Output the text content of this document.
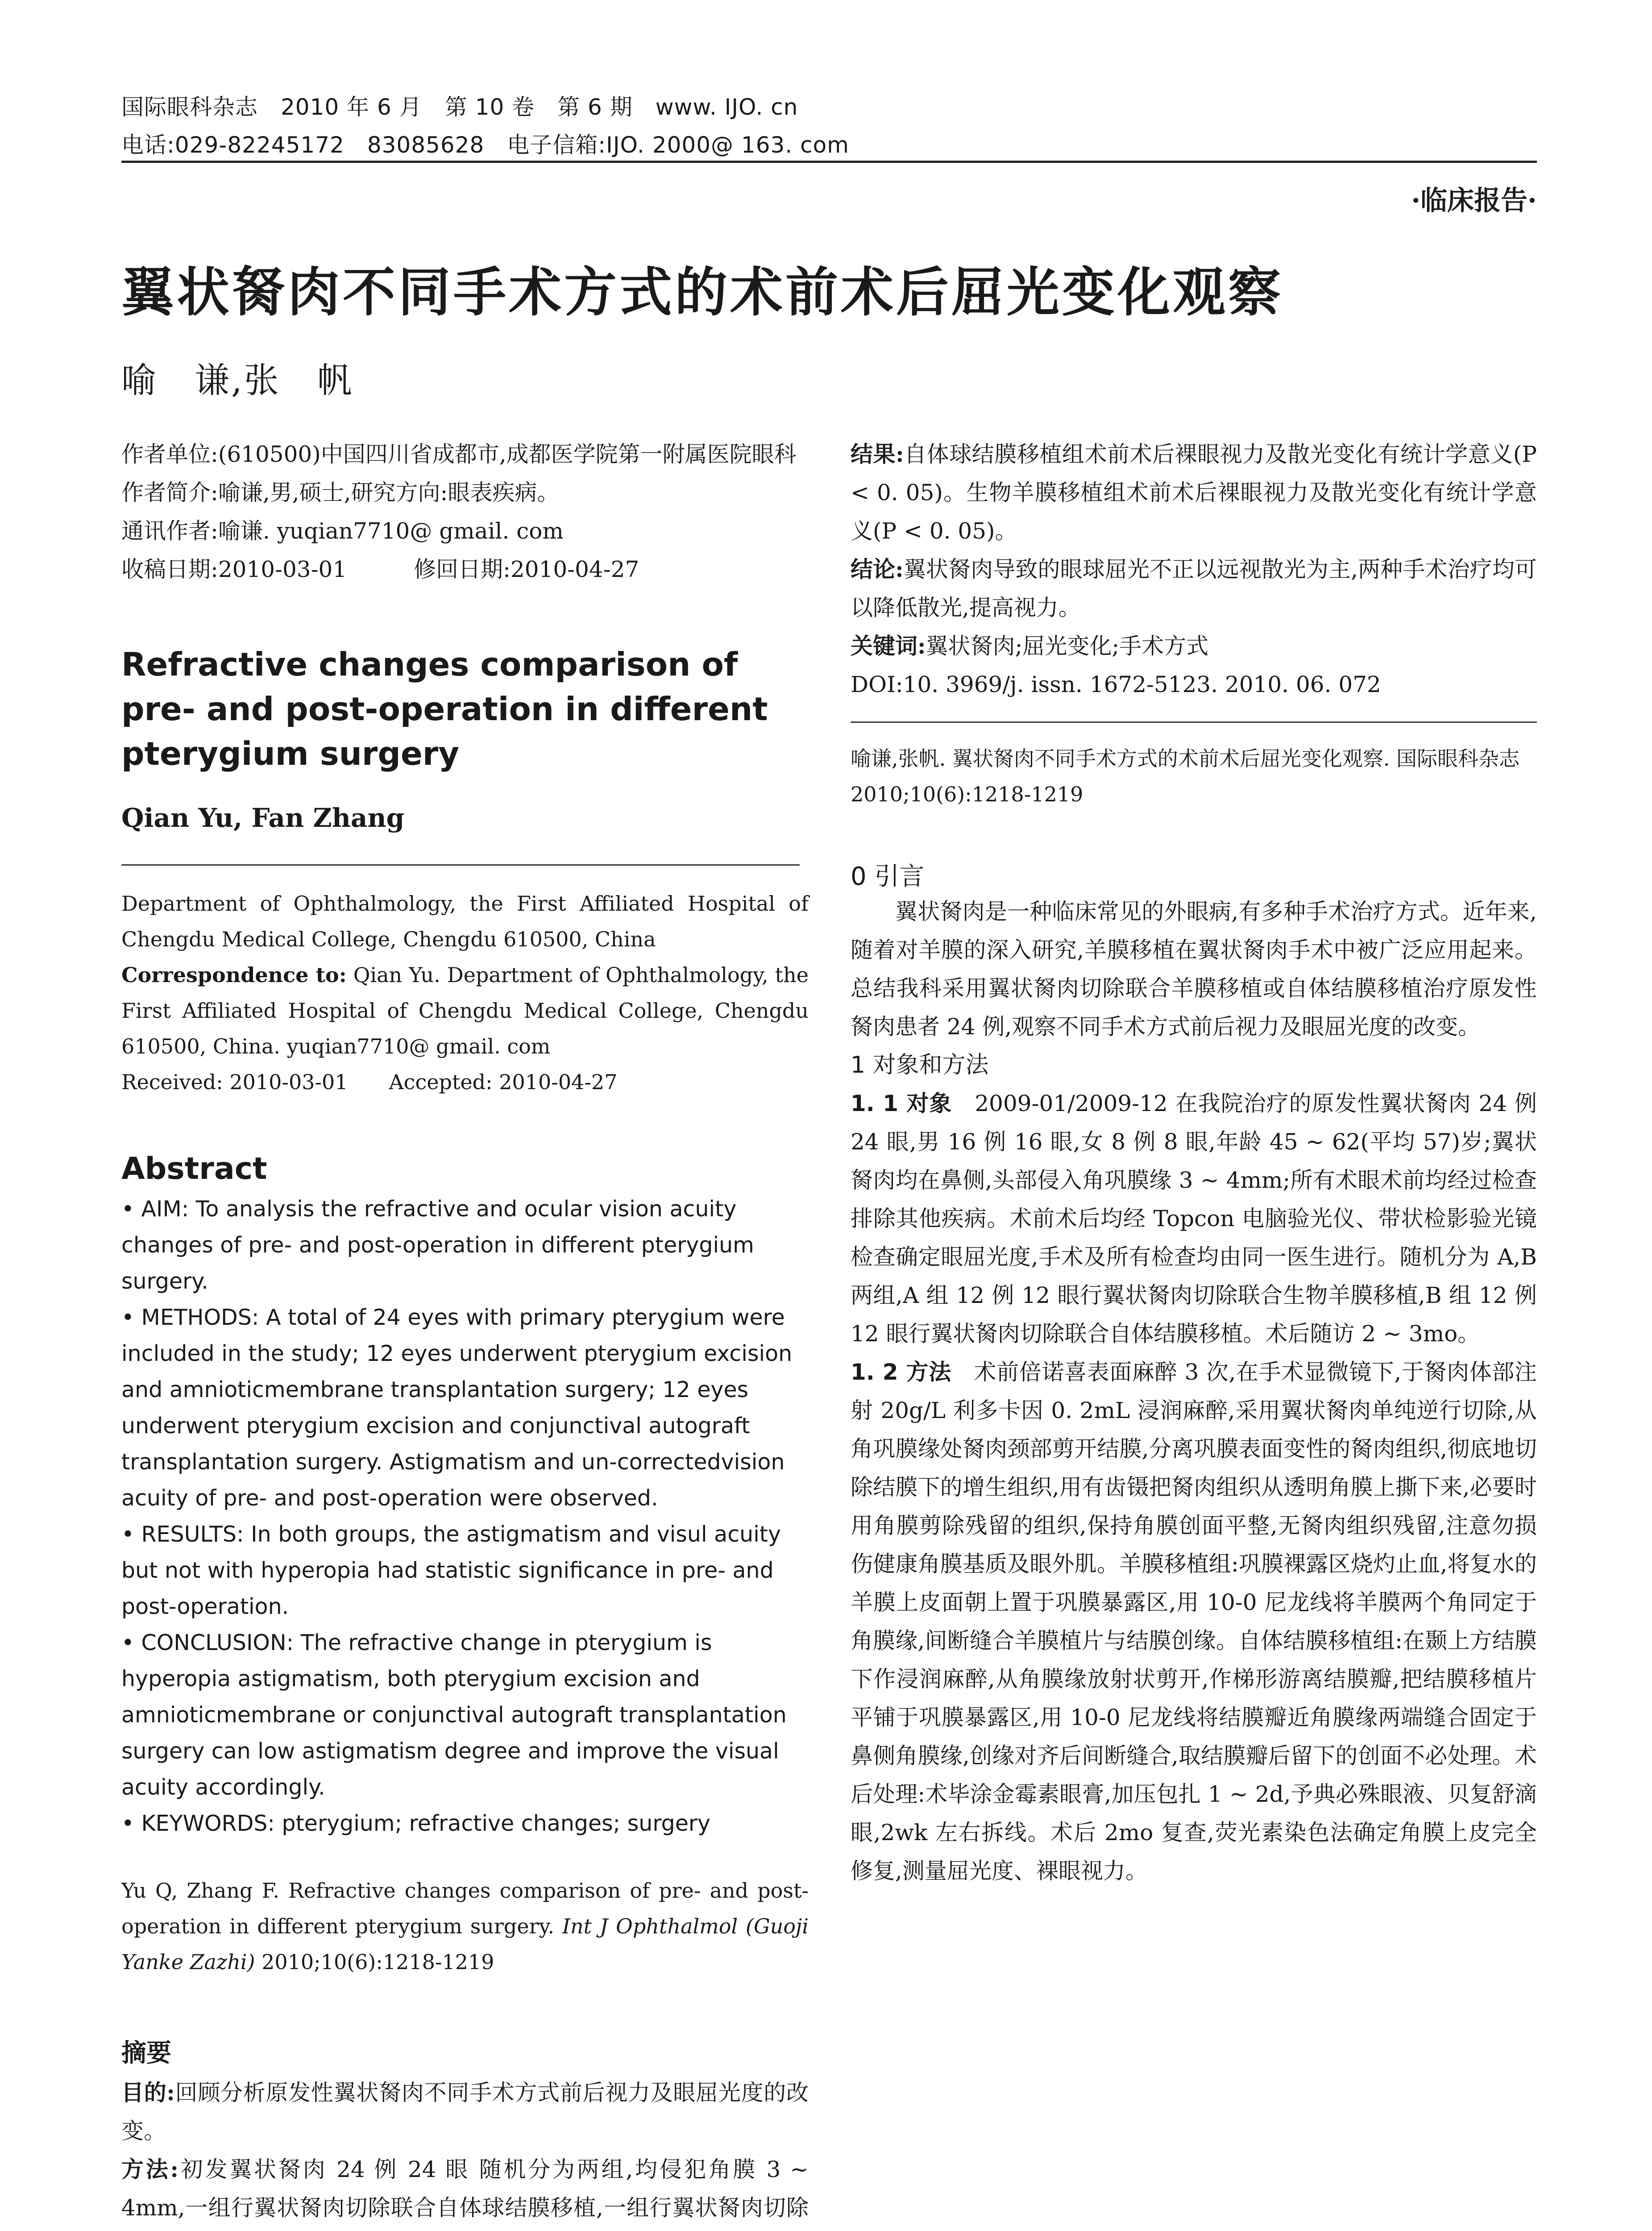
国际眼科杂志　2010 年 6 月　第 10 卷　第 6 期　www. IJO. cn
电话:029-82245172　83085628　电子信箱:IJO. 2000@ 163. com
·临床报告·
翼状胬肉不同手术方式的术前术后屈光变化观察
喻　谦,张　帆

作者单位:(610500)中国四川省成都市,成都医学院第一附属医院眼科

作者简介:喻谦,男,硕士,研究方向:眼表疾病。

通讯作者:喻谦. yuqian7710@ gmail. com

收稿日期:2010-03-01　　　修回日期:2010-04-27

Refractive changes comparison of pre- and post-operation in different pterygium surgery
Qian Yu, Fan Zhang
Department of Ophthalmology, the First Affiliated Hospital of Chengdu Medical College, Chengdu 610500, China
Correspondence to: Qian Yu. Department of Ophthalmology, the First Affiliated Hospital of Chengdu Medical College, Chengdu 610500, China. yuqian7710@ gmail. com
Received: 2010-03-01　　Accepted: 2010-04-27
Abstract

• AIM: To analysis the refractive and ocular vision acuity changes of pre- and post-operation in different pterygium surgery.

• METHODS: A total of 24 eyes with primary pterygium were included in the study; 12 eyes underwent pterygium excision and amnioticmembrane transplantation surgery; 12 eyes underwent pterygium excision and conjunctival autograft transplantation surgery. Astigmatism and un-correctedvision acuity of pre- and post-operation were observed.

• RESULTS: In both groups, the astigmatism and visul acuity but not with hyperopia had statistic significance in pre- and post-operation.

• CONCLUSION: The refractive change in pterygium is hyperopia astigmatism, both pterygium excision and amnioticmembrane or conjunctival autograft transplantation surgery can low astigmatism degree and improve the visual acuity accordingly.

• KEYWORDS: pterygium; refractive changes; surgery

Yu Q, Zhang F. Refractive changes comparison of pre- and post-operation in different pterygium surgery. Int J Ophthalmol (Guoji Yanke Zazhi) 2010;10(6):1218-1219
摘要

目的:回顾分析原发性翼状胬肉不同手术方式前后视力及眼屈光度的改变。

方法:初发翼状胬肉 24 例 24 眼 随机分为两组,均侵犯角膜 3 ~ 4mm,一组行翼状胬肉切除联合自体球结膜移植,一组行翼状胬肉切除

结果:自体球结膜移植组术前术后裸眼视力及散光变化有统计学意义(P < 0. 05)。生物羊膜移植组术前术后裸眼视力及散光变化有统计学意义(P < 0. 05)。

结论:翼状胬肉导致的眼球屈光不正以远视散光为主,两种手术治疗均可以降低散光,提高视力。

关键词:翼状胬肉;屈光变化;手术方式

DOI:10. 3969/j. issn. 1672-5123. 2010. 06. 072

喻谦,张帆. 翼状胬肉不同手术方式的术前术后屈光变化观察. 国际眼科杂志 2010;10(6):1218-1219
0 引言

翼状胬肉是一种临床常见的外眼病,有多种手术治疗方式。近年来,随着对羊膜的深入研究,羊膜移植在翼状胬肉手术中被广泛应用起来。总结我科采用翼状胬肉切除联合羊膜移植或自体结膜移植治疗原发性胬肉患者 24 例,观察不同手术方式前后视力及眼屈光度的改变。

1 对象和方法

1. 1 对象　2009-01/2009-12 在我院治疗的原发性翼状胬肉 24 例 24 眼,男 16 例 16 眼,女 8 例 8 眼,年龄 45 ~ 62(平均 57)岁;翼状胬肉均在鼻侧,头部侵入角巩膜缘 3 ~ 4mm;所有术眼术前均经过检查排除其他疾病。术前术后均经 Topcon 电脑验光仪、带状检影验光镜检查确定眼屈光度,手术及所有检查均由同一医生进行。随机分为 A,B 两组,A 组 12 例 12 眼行翼状胬肉切除联合生物羊膜移植,B 组 12 例 12 眼行翼状胬肉切除联合自体结膜移植。术后随访 2 ~ 3mo。

1. 2 方法　术前倍诺喜表面麻醉 3 次,在手术显微镜下,于胬肉体部注射 20g/L 利多卡因 0. 2mL 浸润麻醉,采用翼状胬肉单纯逆行切除,从角巩膜缘处胬肉颈部剪开结膜,分离巩膜表面变性的胬肉组织,彻底地切除结膜下的增生组织,用有齿镊把胬肉组织从透明角膜上撕下来,必要时用角膜剪除残留的组织,保持角膜创面平整,无胬肉组织残留,注意勿损伤健康角膜基质及眼外肌。羊膜移植组:巩膜裸露区烧灼止血,将复水的羊膜上皮面朝上置于巩膜暴露区,用 10-0 尼龙线将羊膜两个角同定于角膜缘,间断缝合羊膜植片与结膜创缘。自体结膜移植组:在颞上方结膜下作浸润麻醉,从角膜缘放射状剪开,作梯形游离结膜瓣,把结膜移植片平铺于巩膜暴露区,用 10-0 尼龙线将结膜瓣近角膜缘两端缝合固定于鼻侧角膜缘,创缘对齐后间断缝合,取结膜瓣后留下的创面不必处理。术后处理:术毕涂金霉素眼膏,加压包扎 1 ~ 2d,予典必殊眼液、贝复舒滴眼,2wk 左右拆线。术后 2mo 复查,荧光素染色法确定角膜上皮完全修复,测量屈光度、裸眼视力。
